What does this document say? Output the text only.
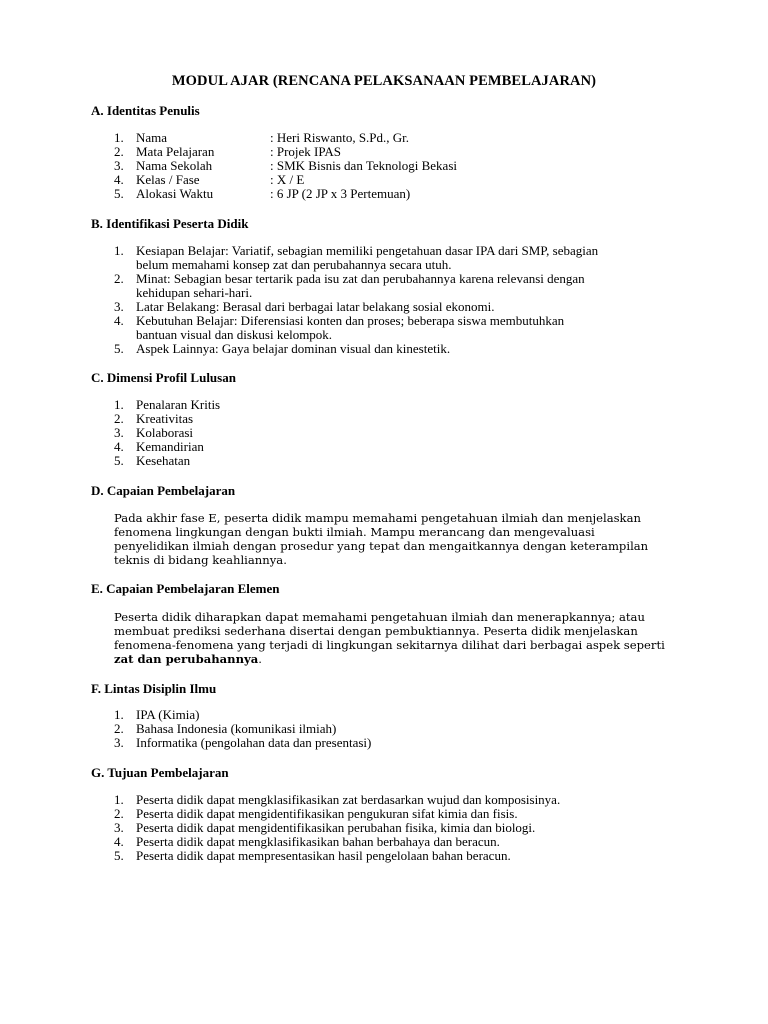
MODUL AJAR (RENCANA PELAKSANAAN PEMBELAJARAN)
A. Identitas Penulis
1. Nama	: Heri Riswanto, S.Pd., Gr.
2. Mata Pelajaran	: Projek IPAS
3. Nama Sekolah	: SMK Bisnis dan Teknologi Bekasi
4. Kelas / Fase	: X / E
5. Alokasi Waktu	: 6 JP (2 JP x 3 Pertemuan)
B. Identifikasi Peserta Didik
1. Kesiapan Belajar: Variatif, sebagian memiliki pengetahuan dasar IPA dari SMP, sebagian
belum memahami konsep zat dan perubahannya secara utuh.
2. Minat: Sebagian besar tertarik pada isu zat dan perubahannya karena relevansi dengan
kehidupan sehari-hari.
3. Latar Belakang: Berasal dari berbagai latar belakang sosial ekonomi.
4. Kebutuhan Belajar: Diferensiasi konten dan proses; beberapa siswa membutuhkan
bantuan visual dan diskusi kelompok.
5. Aspek Lainnya: Gaya belajar dominan visual dan kinestetik.
C. Dimensi Profil Lulusan
1. Penalaran Kritis
2. Kreativitas
3. Kolaborasi
4. Kemandirian
5. Kesehatan
D. Capaian Pembelajaran
Pada akhir fase E, peserta didik mampu memahami pengetahuan ilmiah dan menjelaskan
fenomena lingkungan dengan bukti ilmiah. Mampu merancang dan mengevaluasi
penyelidikan ilmiah dengan prosedur yang tepat dan mengaitkannya dengan keterampilan
teknis di bidang keahliannya.
E. Capaian Pembelajaran Elemen
Peserta didik diharapkan dapat memahami pengetahuan ilmiah dan menerapkannya; atau
membuat prediksi sederhana disertai dengan pembuktiannya. Peserta didik menjelaskan
fenomena-fenomena yang terjadi di lingkungan sekitarnya dilihat dari berbagai aspek seperti
zat dan perubahannya.
F. Lintas Disiplin Ilmu
1. IPA (Kimia)
2. Bahasa Indonesia (komunikasi ilmiah)
3. Informatika (pengolahan data dan presentasi)
G. Tujuan Pembelajaran
1. Peserta didik dapat mengklasifikasikan zat berdasarkan wujud dan komposisinya.
2. Peserta didik dapat mengidentifikasikan pengukuran sifat kimia dan fisis.
3. Peserta didik dapat mengidentifikasikan perubahan fisika, kimia dan biologi.
4. Peserta didik dapat mengklasifikasikan bahan berbahaya dan beracun.
5. Peserta didik dapat mempresentasikan hasil pengelolaan bahan beracun.
